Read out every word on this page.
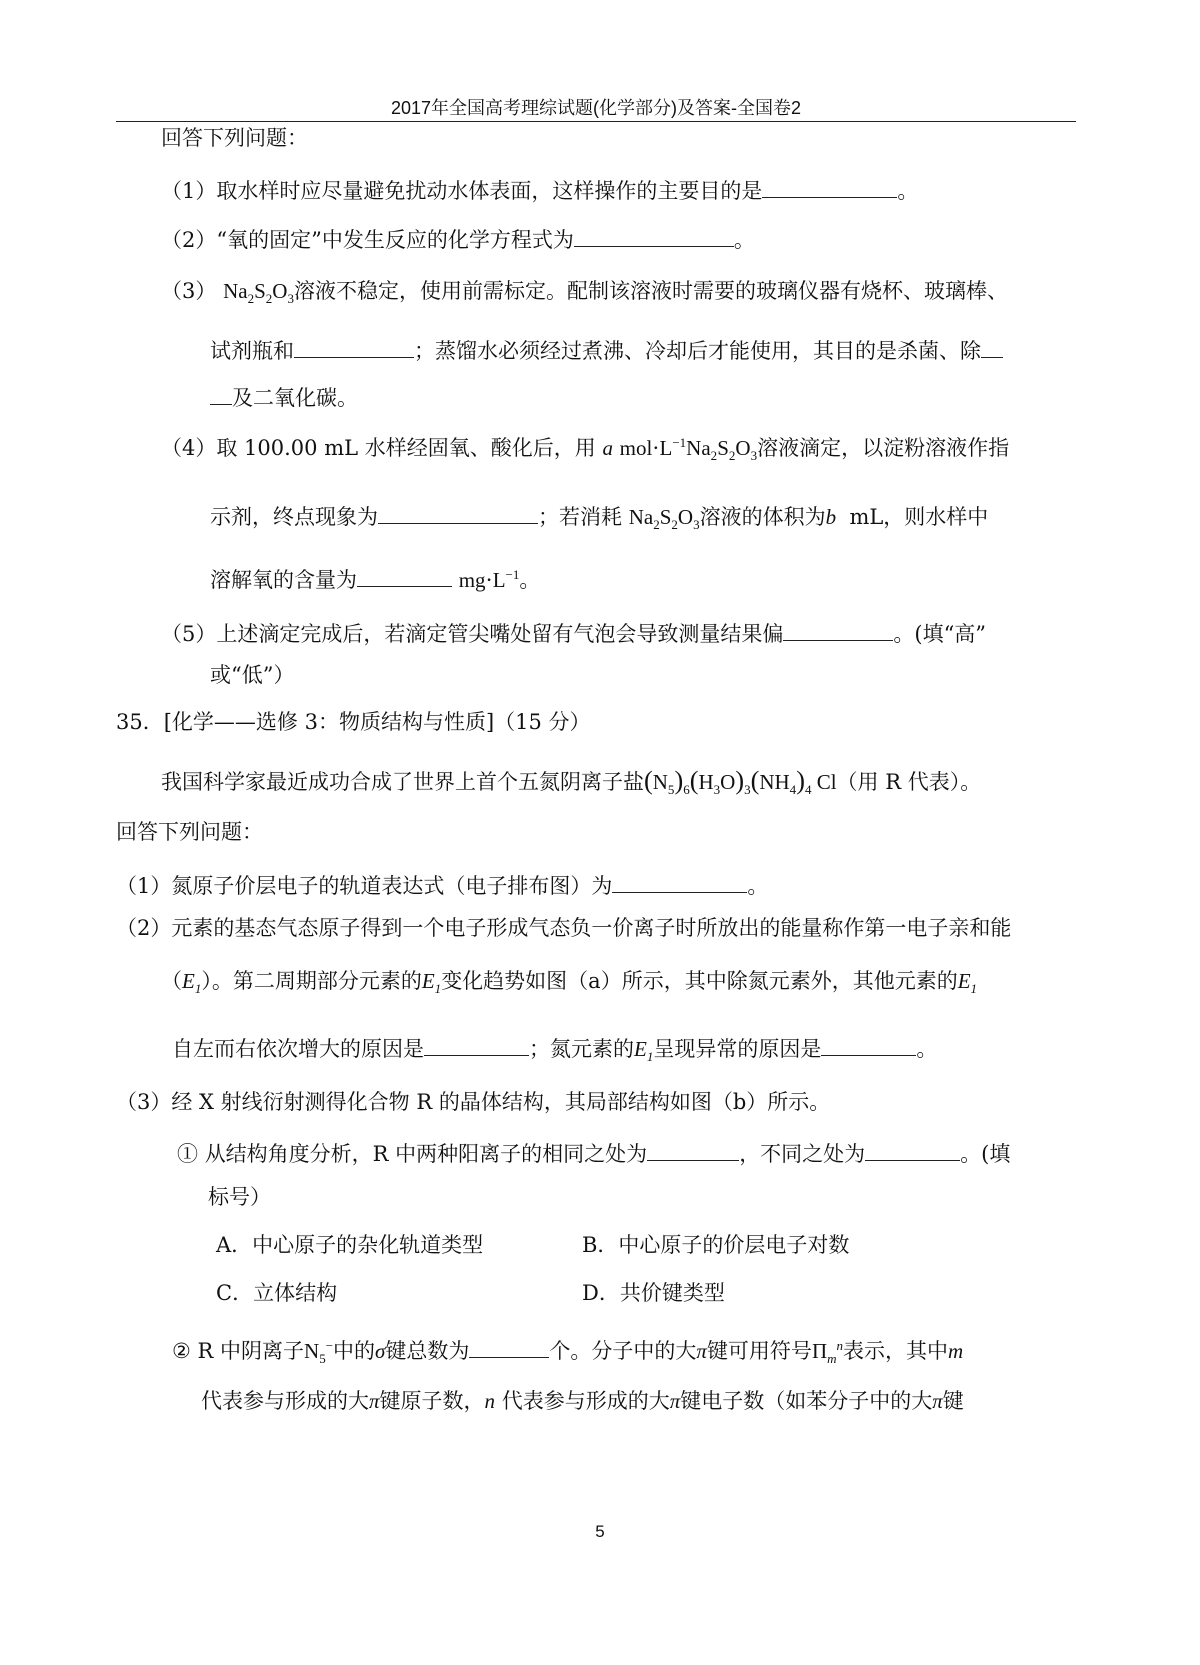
2017年全国高考理综试题(化学部分)及答案-全国卷2
回答下列问题：
（1）取水样时应尽量避免扰动水体表面，这样操作的主要目的是	。
（2）“氧的固定”中发生反应的化学方程式为	。
（3） $Na_2S_2O_3$溶液不稳定，使用前需标定。配制该溶液时需要的玻璃仪器有烧杯、玻璃棒、
试剂瓶和	；蒸馏水必须经过煮沸、冷却后才能使用，其目的是杀菌、除
及二氧化碳。
（4）取 100.00 mL 水样经固氧、酸化后，用 a $mol\cdot L^{-1}Na_2S_2O_3$溶液滴定，以淀粉溶液作指
示剂，终点现象为	；若消耗 $Na_2S_2O_3$溶液的体积为b mL，则水样中
溶解氧的含量为	$mg\cdot L^{-1}$。
（5）上述滴定完成后，若滴定管尖嘴处留有气泡会导致测量结果偏	。(填“高”
或“低”）
35．[化学——选修 3：物质结构与性质]（15 分）
我国科学家最近成功合成了世界上首个五氮阴离子盐$(N_5)_6(H_3O)_3(NH_4)_4$ Cl（用 R 代表）。
回答下列问题：
（1）氮原子价层电子的轨道表达式（电子排布图）为	。
（2）元素的基态气态原子得到一个电子形成气态负一价离子时所放出的能量称作第一电子亲和能
$(E_1)$。第二周期部分元素的$E_1$变化趋势如图（a）所示，其中除氮元素外，其他元素的$E_1$
自左而右依次增大的原因是	；氮元素的$E_1$呈现异常的原因是	。
（3）经 X 射线衍射测得化合物 R 的晶体结构，其局部结构如图（b）所示。
① 从结构角度分析，R 中两种阳离子的相同之处为	，不同之处为	。(填
标号）
A．中心原子的杂化轨道类型	B．中心原子的价层电子对数
C．立体结构	D．共价键类型
② R 中阴离子$N_5^-$中的σ键总数为	个。分子中的大π键可用符号$\Pi_m^n$表示，其中m
代表参与形成的大π键原子数，n 代表参与形成的大π键电子数（如苯分子中的大π键
5
